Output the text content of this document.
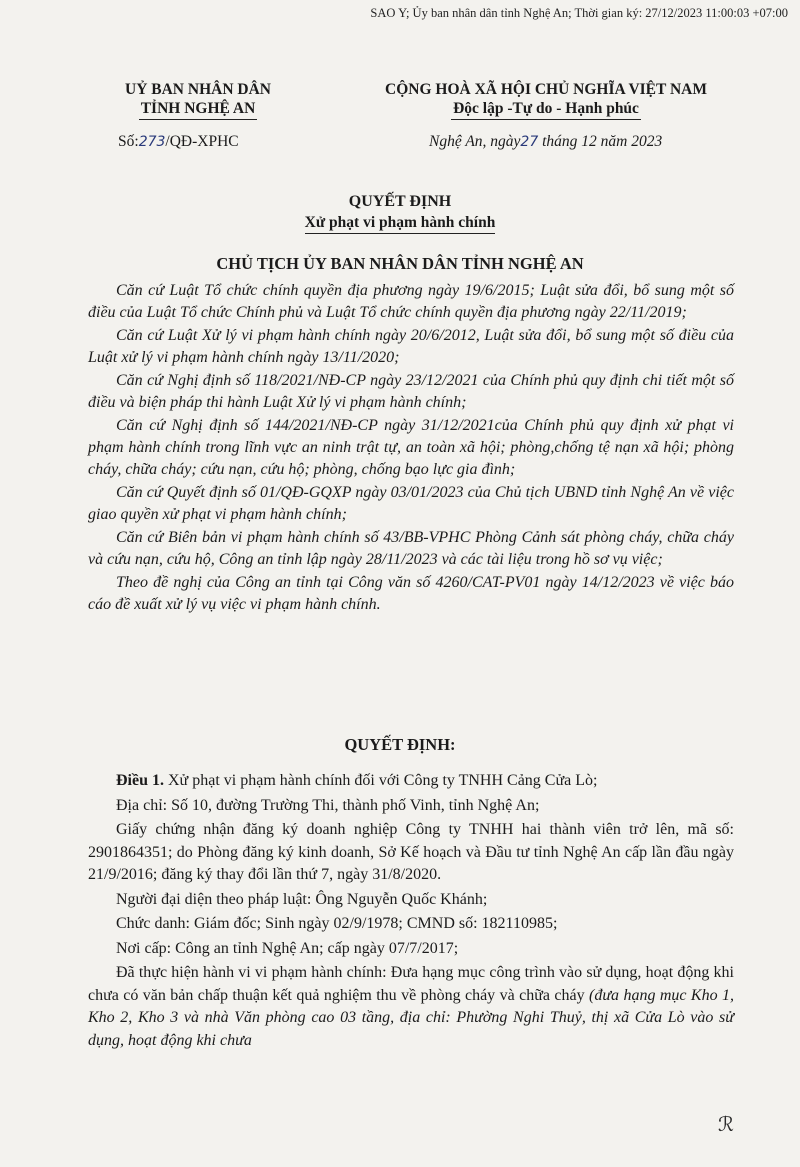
SAO Y; Ủy ban nhân dân tỉnh Nghệ An; Thời gian ký: 27/12/2023 11:00:03 +07:00
UỶ BAN NHÂN DÂN
TỈNH NGHỆ AN
CỘNG HOÀ XÃ HỘI CHỦ NGHĨA VIỆT NAM
Độc lập -Tự do - Hạnh phúc
Số:273/QĐ-XPHC	Nghệ An, ngày27 tháng 12 năm 2023
QUYẾT ĐỊNH
Xử phạt vi phạm hành chính
CHỦ TỊCH ỦY BAN NHÂN DÂN TỈNH NGHỆ AN

Căn cứ Luật Tổ chức chính quyền địa phương ngày 19/6/2015; Luật sửa đổi, bổ sung một số điều của Luật Tổ chức Chính phủ và Luật Tổ chức chính quyền địa phương ngày 22/11/2019;

Căn cứ Luật Xử lý vi phạm hành chính ngày 20/6/2012, Luật sửa đổi, bổ sung một số điều của Luật xử lý vi phạm hành chính ngày 13/11/2020;

Căn cứ Nghị định số 118/2021/NĐ-CP ngày 23/12/2021 của Chính phủ quy định chi tiết một số điều và biện pháp thi hành Luật Xử lý vi phạm hành chính;

Căn cứ Nghị định số 144/2021/NĐ-CP ngày 31/12/2021của Chính phủ quy định xử phạt vi phạm hành chính trong lĩnh vực an ninh trật tự, an toàn xã hội; phòng,chống tệ nạn xã hội; phòng cháy, chữa cháy; cứu nạn, cứu hộ; phòng, chống bạo lực gia đình;

Căn cứ Quyết định số 01/QĐ-GQXP ngày 03/01/2023 của Chủ tịch UBND tỉnh Nghệ An về việc giao quyền xử phạt vi phạm hành chính;

Căn cứ Biên bản vi phạm hành chính số 43/BB-VPHC Phòng Cảnh sát phòng cháy, chữa cháy và cứu nạn, cứu hộ, Công an tỉnh lập ngày 28/11/2023 và các tài liệu trong hồ sơ vụ việc;

Theo đề nghị của Công an tỉnh tại Công văn số 4260/CAT-PV01 ngày 14/12/2023 về việc báo cáo đề xuất xử lý vụ việc vi phạm hành chính.

QUYẾT ĐỊNH:

Điều 1. Xử phạt vi phạm hành chính đối với Công ty TNHH Cảng Cửa Lò;

Địa chỉ: Số 10, đường Trường Thi, thành phố Vinh, tỉnh Nghệ An;

Giấy chứng nhận đăng ký doanh nghiệp Công ty TNHH hai thành viên trở lên, mã số: 2901864351; do Phòng đăng ký kinh doanh, Sở Kế hoạch và Đầu tư tỉnh Nghệ An cấp lần đầu ngày 21/9/2016; đăng ký thay đổi lần thứ 7, ngày 31/8/2020.

Người đại diện theo pháp luật: Ông Nguyễn Quốc Khánh;

Chức danh: Giám đốc; Sinh ngày 02/9/1978; CMND số: 182110985;

Nơi cấp: Công an tỉnh Nghệ An; cấp ngày 07/7/2017;

Đã thực hiện hành vi vi phạm hành chính: Đưa hạng mục công trình vào sử dụng, hoạt động khi chưa có văn bản chấp thuận kết quả nghiệm thu về phòng cháy và chữa cháy (đưa hạng mục Kho 1, Kho 2, Kho 3 và nhà Văn phòng cao 03 tầng, địa chỉ: Phường Nghi Thuỷ, thị xã Cửa Lò vào sử dụng, hoạt động khi chưa

ℛ
